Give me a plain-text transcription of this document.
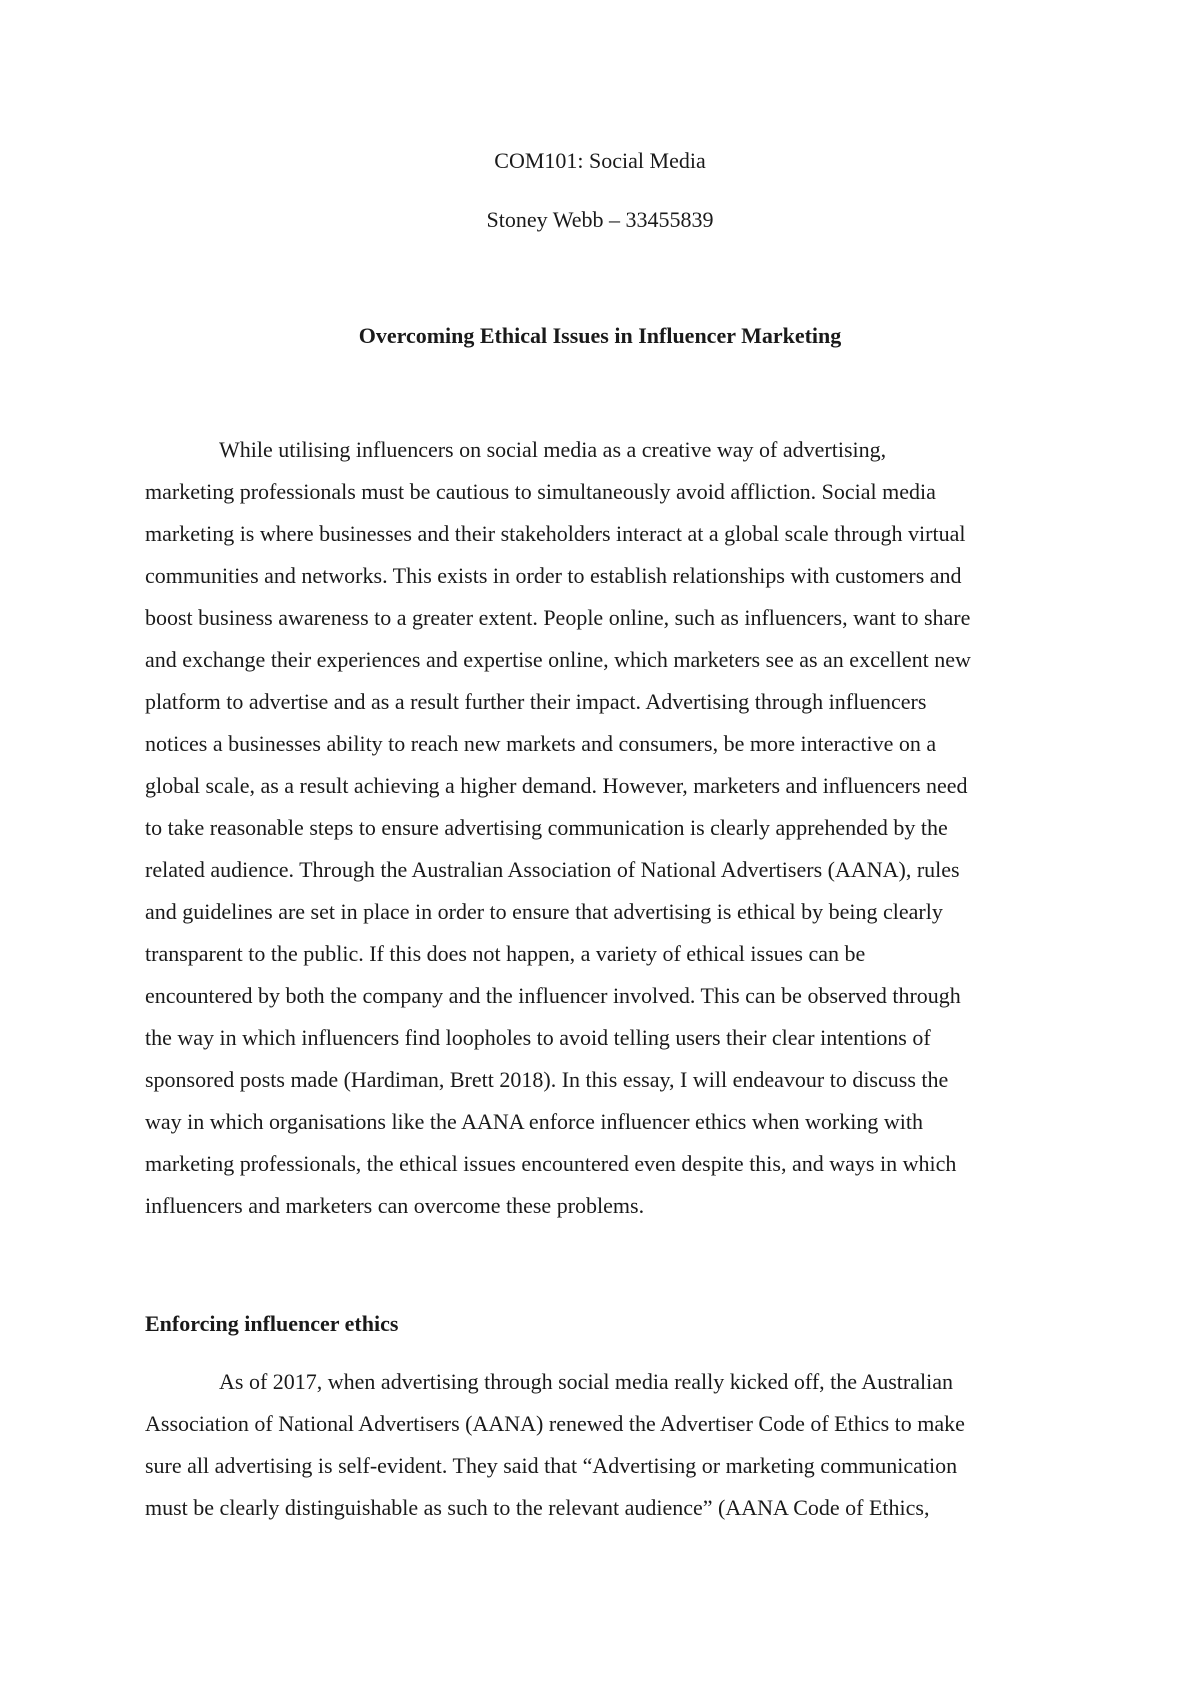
COM101: Social Media
Stoney Webb – 33455839
Overcoming Ethical Issues in Influencer Marketing
While utilising influencers on social media as a creative way of advertising,
marketing professionals must be cautious to simultaneously avoid affliction. Social media
marketing is where businesses and their stakeholders interact at a global scale through virtual
communities and networks. This exists in order to establish relationships with customers and
boost business awareness to a greater extent. People online, such as influencers, want to share
and exchange their experiences and expertise online, which marketers see as an excellent new
platform to advertise and as a result further their impact. Advertising through influencers
notices a businesses ability to reach new markets and consumers, be more interactive on a
global scale, as a result achieving a higher demand. However, marketers and influencers need
to take reasonable steps to ensure advertising communication is clearly apprehended by the
related audience. Through the Australian Association of National Advertisers (AANA), rules
and guidelines are set in place in order to ensure that advertising is ethical by being clearly
transparent to the public. If this does not happen, a variety of ethical issues can be
encountered by both the company and the influencer involved. This can be observed through
the way in which influencers find loopholes to avoid telling users their clear intentions of
sponsored posts made (Hardiman, Brett 2018). In this essay, I will endeavour to discuss the
way in which organisations like the AANA enforce influencer ethics when working with
marketing professionals, the ethical issues encountered even despite this, and ways in which
influencers and marketers can overcome these problems.
Enforcing influencer ethics
As of 2017, when advertising through social media really kicked off, the Australian
Association of National Advertisers (AANA) renewed the Advertiser Code of Ethics to make
sure all advertising is self-evident. They said that “Advertising or marketing communication
must be clearly distinguishable as such to the relevant audience” (AANA Code of Ethics,
